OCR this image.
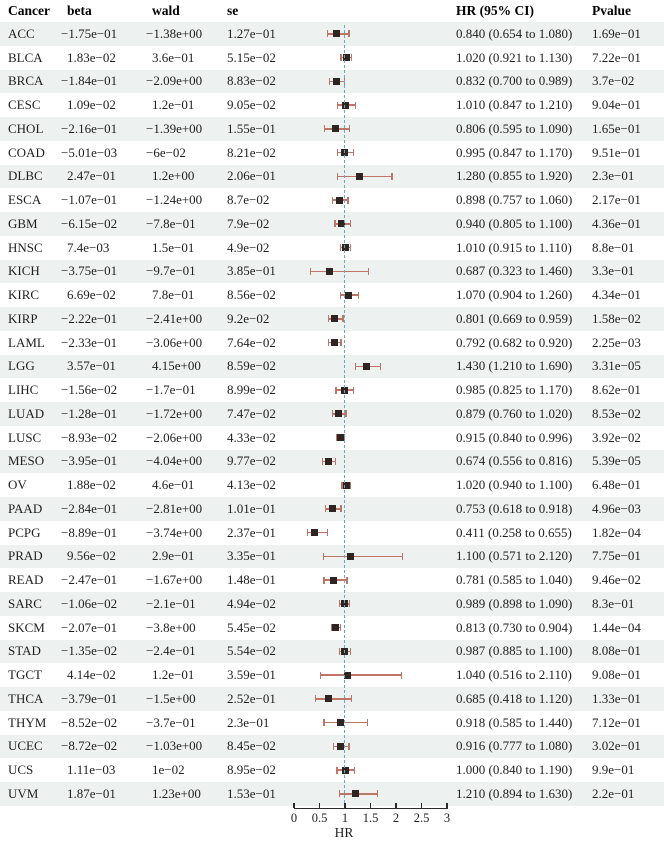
Cancer beta	wald	se	HR (95% CI)	Pvalue
ACC −1.75e−01 −1.38e+00 1.27e−01	0.840 (0.654 to 1.080) 1.69e−01
BLCA 1.83e−02	3.6e−01	5.15e−02	1.020 (0.921 to 1.130) 7.22e−01
BRCA −1.84e−01 −2.09e+00 8.83e−02	0.832 (0.700 to 0.989) 3.7e−02
CESC 1.09e−02	1.2e−01	9.05e−02	1.010 (0.847 to 1.210) 9.04e−01
CHOL −2.16e−01 −1.39e+00 1.55e−01	0.806 (0.595 to 1.090) 1.65e−01
COAD −5.01e−03 −6e−02	8.21e−02	0.995 (0.847 to 1.170) 9.51e−01
DLBC 2.47e−01	1.2e+00	2.06e−01	1.280 (0.855 to 1.920) 2.3e−01
ESCA −1.07e−01 −1.24e+00 8.7e−02	0.898 (0.757 to 1.060) 2.17e−01
GBM −6.15e−02 −7.8e−01 7.9e−02	0.940 (0.805 to 1.100) 4.36e−01
HNSC 7.4e−03	1.5e−01	4.9e−02	1.010 (0.915 to 1.110) 8.8e−01
KICH −3.75e−01 −9.7e−01 3.85e−01	0.687 (0.323 to 1.460) 3.3e−01
KIRC 6.69e−02	7.8e−01	8.56e−02	1.070 (0.904 to 1.260) 4.34e−01
KIRP −2.22e−01 −2.41e+00 9.2e−02	0.801 (0.669 to 0.959) 1.58e−02
LAML −2.33e−01 −3.06e+00 7.64e−02	0.792 (0.682 to 0.920) 2.25e−03
LGG 3.57e−01	4.15e+00 8.59e−02	1.430 (1.210 to 1.690) 3.31e−05
LIHC −1.56e−02 −1.7e−01 8.99e−02	0.985 (0.825 to 1.170) 8.62e−01
LUAD −1.28e−01 −1.72e+00 7.47e−02	0.879 (0.760 to 1.020) 8.53e−02
LUSC −8.93e−02 −2.06e+00 4.33e−02	0.915 (0.840 to 0.996) 3.92e−02
MESO −3.95e−01 −4.04e+00 9.77e−02	0.674 (0.556 to 0.816) 5.39e−05
OV	1.88e−02	4.6e−01	4.13e−02	1.020 (0.940 to 1.100) 6.48e−01
PAAD −2.84e−01 −2.81e+00 1.01e−01	0.753 (0.618 to 0.918) 4.96e−03
PCPG −8.89e−01 −3.74e+00 2.37e−01	0.411 (0.258 to 0.655) 1.82e−04
PRAD 9.56e−02	2.9e−01	3.35e−01	1.100 (0.571 to 2.120) 7.75e−01
READ −2.47e−01 −1.67e+00 1.48e−01	0.781 (0.585 to 1.040) 9.46e−02
SARC −1.06e−02 −2.1e−01 4.94e−02	0.989 (0.898 to 1.090) 8.3e−01
SKCM −2.07e−01 −3.8e+00 5.45e−02	0.813 (0.730 to 0.904) 1.44e−04
STAD −1.35e−02 −2.4e−01 5.54e−02	0.987 (0.885 to 1.100) 8.08e−01
TGCT 4.14e−02	1.2e−01	3.59e−01	1.040 (0.516 to 2.110) 9.08e−01
THCA −3.79e−01 −1.5e+00 2.52e−01	0.685 (0.418 to 1.120) 1.33e−01
THYM −8.52e−02 −3.7e−01 2.3e−01	0.918 (0.585 to 1.440) 7.12e−01
UCEC −8.72e−02 −1.03e+00 8.45e−02	0.916 (0.777 to 1.080) 3.02e−01
UCS	1.11e−03	1e−02	8.95e−02	1.000 (0.840 to 1.190) 9.9e−01
UVM 1.87e−01	1.23e+00 1.53e−01	1.210 (0.894 to 1.630) 2.2e−01
HR
0 0.5 1 1.5 2 2.5 3
